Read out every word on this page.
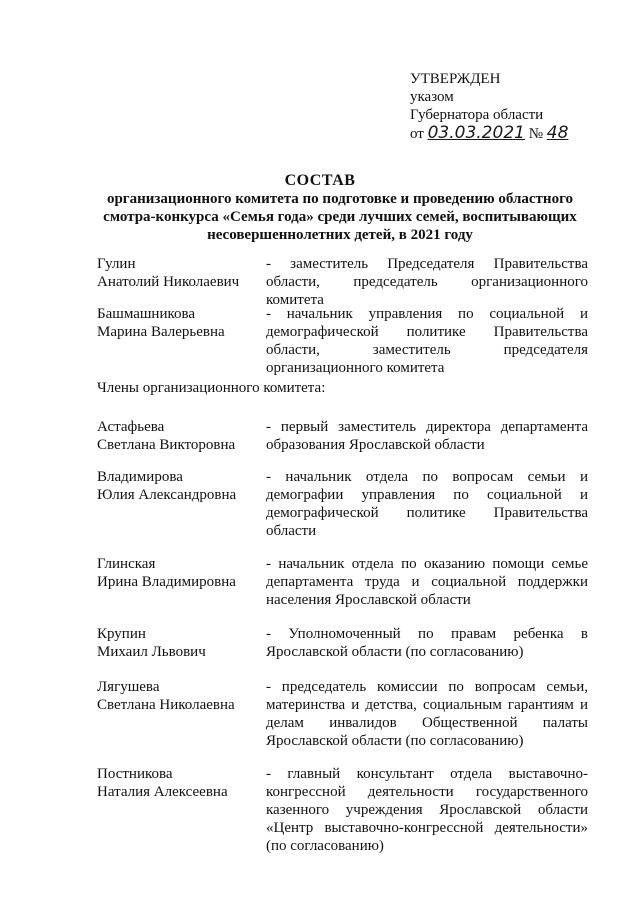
УТВЕРЖДЕН
указом
Губернатора области
от 03.03.2021 № 48
СОСТАВ
организационного комитета по подготовке и проведению областного смотра-конкурса «Семья года» среди лучших семей, воспитывающих несовершеннолетних детей, в 2021 году
Гулин
Анатолий Николаевич
- заместитель Председателя Правительства области, председатель организационного комитета
Башмашникова
Марина Валерьевна
- начальник управления по социальной и демографической политике Правительства области, заместитель председателя организационного комитета
Члены организационного комитета:
Астафьева
Светлана Викторовна
- первый заместитель директора департамента образования Ярославской области
Владимирова
Юлия Александровна
- начальник отдела по вопросам семьи и демографии управления по социальной и демографической политике Правительства области
Глинская
Ирина Владимировна
- начальник отдела по оказанию помощи семье департамента труда и социальной поддержки населения Ярославской области
Крупин
Михаил Львович
- Уполномоченный по правам ребенка в Ярославской области (по согласованию)
Лягушева
Светлана Николаевна
- председатель комиссии по вопросам семьи, материнства и детства, социальным гарантиям и делам инвалидов Общественной палаты Ярославской области (по согласованию)
Постникова
Наталия Алексеевна
- главный консультант отдела выставочно-конгрессной деятельности государственного казенного учреждения Ярославской области «Центр выставочно-конгрессной деятельности» (по согласованию)
